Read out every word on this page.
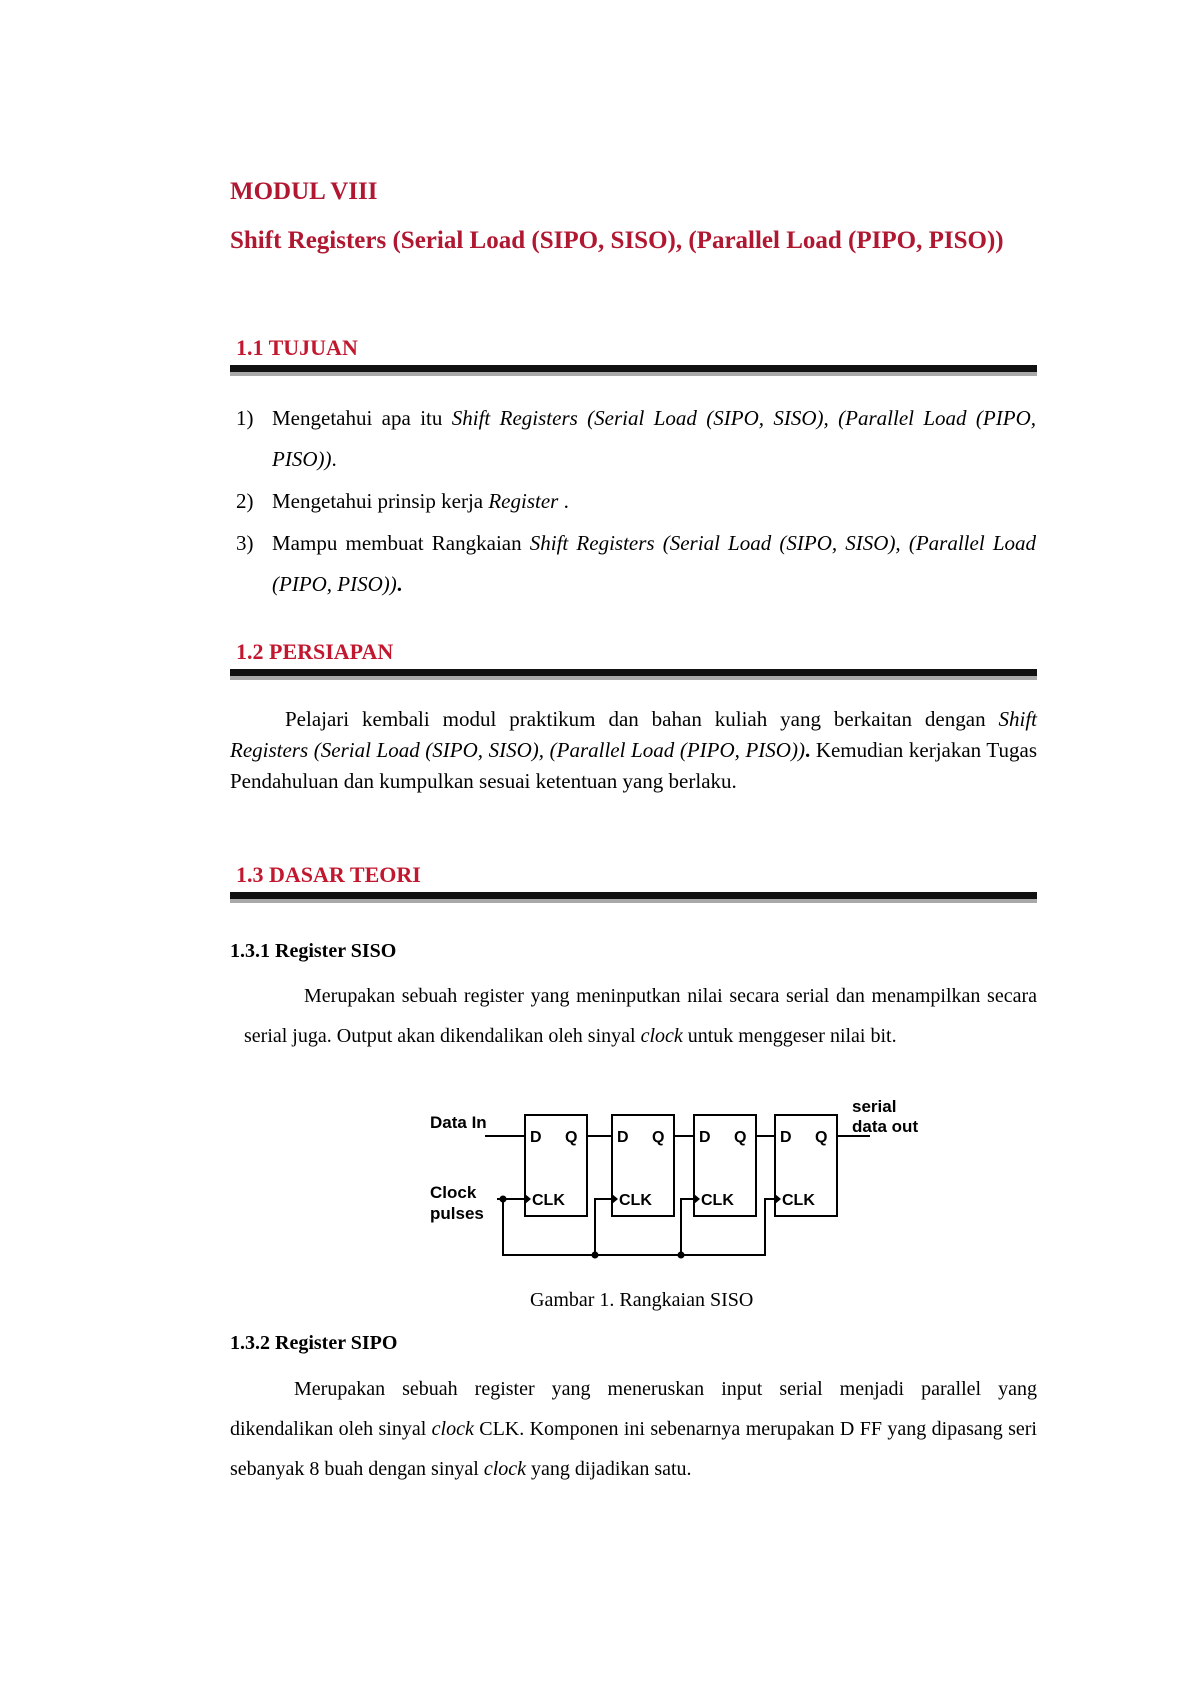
MODUL VIII

Shift Registers (Serial Load (SIPO, SISO), (Parallel Load (PIPO, PISO))

1.1 TUJUAN
1) Mengetahui apa itu Shift Registers (Serial Load (SIPO, SISO), (Parallel Load (PIPO, PISO)).
2) Mengetahui prinsip kerja Register .
3) Mampu membuat Rangkaian Shift Registers (Serial Load (SIPO, SISO), (Parallel Load (PIPO, PISO)).
1.2 PERSIAPAN

Pelajari kembali modul praktikum dan bahan kuliah yang berkaitan dengan Shift Registers (Serial Load (SIPO, SISO), (Parallel Load (PIPO, PISO)). Kemudian kerjakan Tugas Pendahuluan dan kumpulkan sesuai ketentuan yang berlaku.

1.3 DASAR TEORI
1.3.1 Register SISO

Merupakan sebuah register yang meninputkan nilai secara serial dan menampilkan secara serial juga. Output akan dikendalikan oleh sinyal clock untuk menggeser nilai bit.

Data In
Clock
pulses
serial
data out
D Q
CLK
D Q
CLK
D Q
CLK
D Q
CLK
Gambar 1. Rangkaian SISO
1.3.2 Register SIPO

Merupakan sebuah register yang meneruskan input serial menjadi parallel yang dikendalikan oleh sinyal clock CLK. Komponen ini sebenarnya merupakan D FF yang dipasang seri sebanyak 8 buah dengan sinyal clock yang dijadikan satu.
